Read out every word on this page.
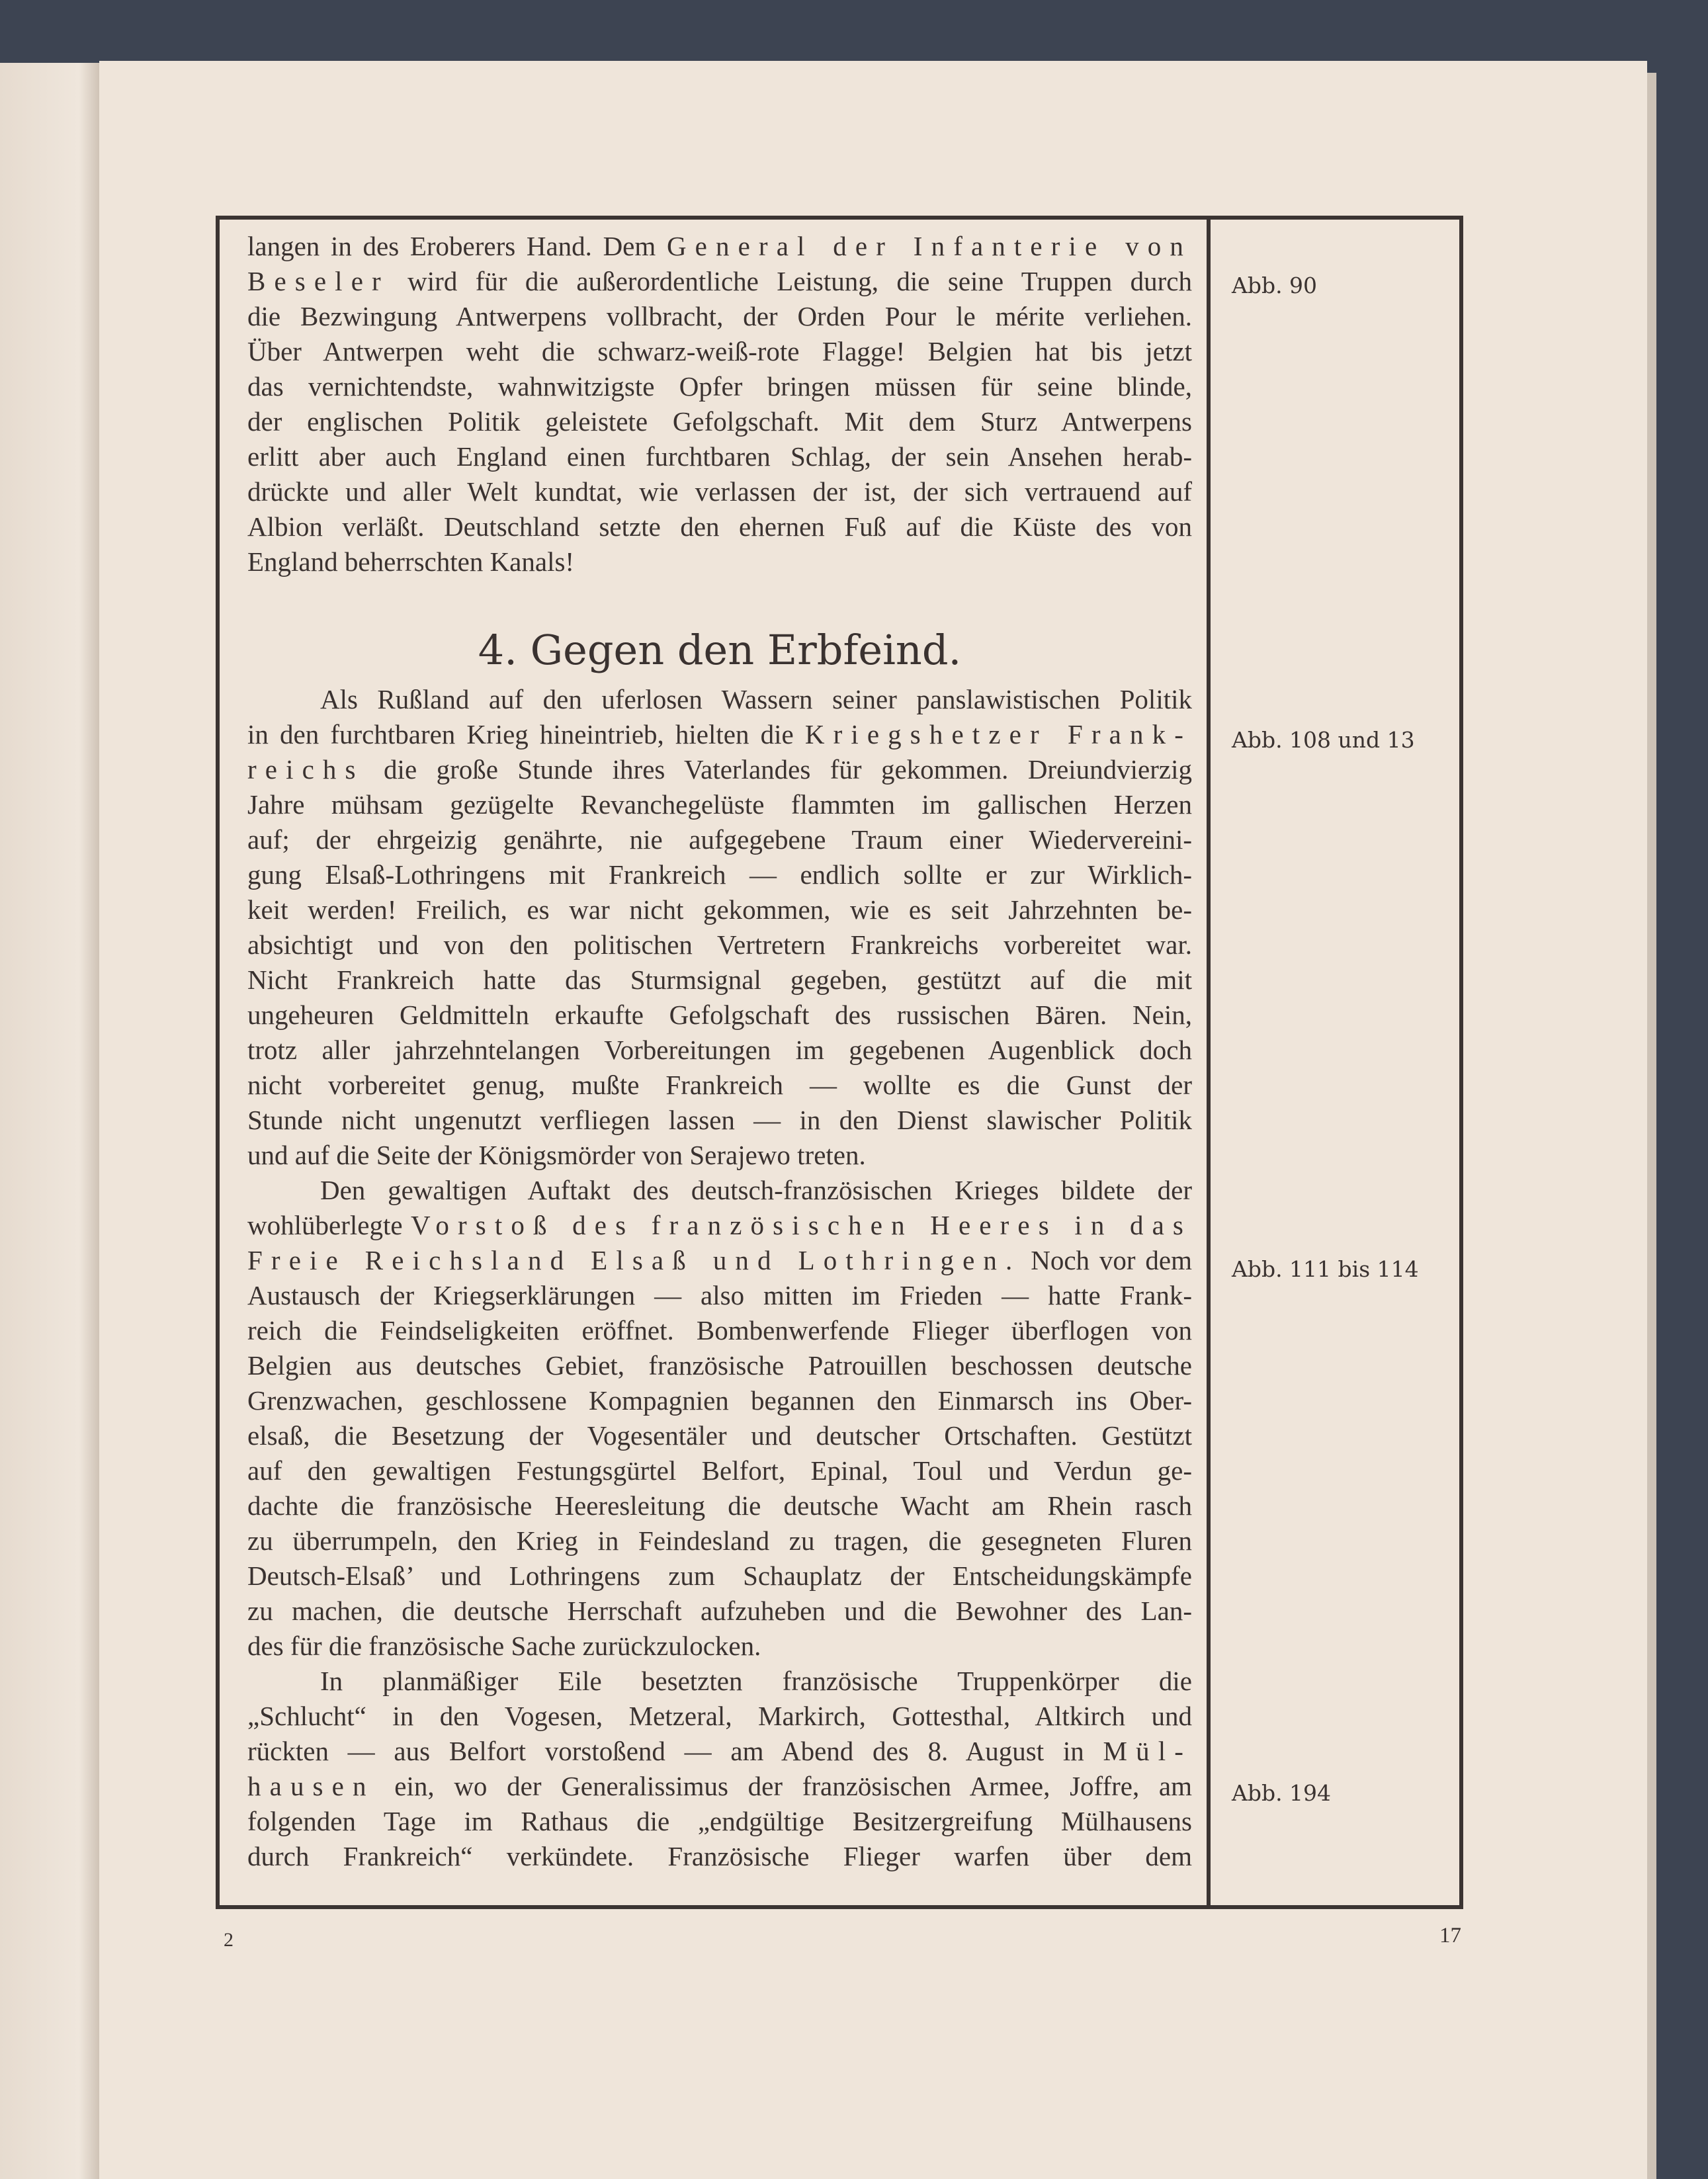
langen in des Eroberers Hand. Dem General der Infanterie von
Beseler wird für die außerordentliche Leistung, die seine Truppen durch
die Bezwingung Antwerpens vollbracht, der Orden Pour le mérite verliehen.
Über Antwerpen weht die schwarz-weiß-rote Flagge! Belgien hat bis jetzt
das vernichtendste, wahnwitzigste Opfer bringen müssen für seine blinde,
der englischen Politik geleistete Gefolgschaft. Mit dem Sturz Antwerpens
erlitt aber auch England einen furchtbaren Schlag, der sein Ansehen herab-
drückte und aller Welt kundtat, wie verlassen der ist, der sich vertrauend auf
Albion verläßt. Deutschland setzte den ehernen Fuß auf die Küste des von
England beherrschten Kanals!
4. Gegen den Erbfeind.
Als Rußland auf den uferlosen Wassern seiner panslawistischen Politik
in den furchtbaren Krieg hineintrieb, hielten die Kriegshetzer Frank-
reichs die große Stunde ihres Vaterlandes für gekommen. Dreiundvierzig
Jahre mühsam gezügelte Revanchegelüste flammten im gallischen Herzen
auf; der ehrgeizig genährte, nie aufgegebene Traum einer Wiedervereini-
gung Elsaß-Lothringens mit Frankreich — endlich sollte er zur Wirklich-
keit werden! Freilich, es war nicht gekommen, wie es seit Jahrzehnten be-
absichtigt und von den politischen Vertretern Frankreichs vorbereitet war.
Nicht Frankreich hatte das Sturmsignal gegeben, gestützt auf die mit
ungeheuren Geldmitteln erkaufte Gefolgschaft des russischen Bären. Nein,
trotz aller jahrzehntelangen Vorbereitungen im gegebenen Augenblick doch
nicht vorbereitet genug, mußte Frankreich — wollte es die Gunst der
Stunde nicht ungenutzt verfliegen lassen — in den Dienst slawischer Politik
und auf die Seite der Königsmörder von Serajewo treten.
Den gewaltigen Auftakt des deutsch-französischen Krieges bildete der
wohlüberlegte Vorstoß des französischen Heeres in das
Freie Reichsland Elsaß und Lothringen. Noch vor dem
Austausch der Kriegserklärungen — also mitten im Frieden — hatte Frank-
reich die Feindseligkeiten eröffnet. Bombenwerfende Flieger überflogen von
Belgien aus deutsches Gebiet, französische Patrouillen beschossen deutsche
Grenzwachen, geschlossene Kompagnien begannen den Einmarsch ins Ober-
elsaß, die Besetzung der Vogesentäler und deutscher Ortschaften. Gestützt
auf den gewaltigen Festungsgürtel Belfort, Epinal, Toul und Verdun ge-
dachte die französische Heeresleitung die deutsche Wacht am Rhein rasch
zu überrumpeln, den Krieg in Feindesland zu tragen, die gesegneten Fluren
Deutsch-Elsaß’ und Lothringens zum Schauplatz der Entscheidungskämpfe
zu machen, die deutsche Herrschaft aufzuheben und die Bewohner des Lan-
des für die französische Sache zurückzulocken.
In planmäßiger Eile besetzten französische Truppenkörper die
„Schlucht“ in den Vogesen, Metzeral, Markirch, Gottesthal, Altkirch und
rückten — aus Belfort vorstoßend — am Abend des 8. August in Mül-
hausen ein, wo der Generalissimus der französischen Armee, Joffre, am
folgenden Tage im Rathaus die „endgültige Besitzergreifung Mülhausens
durch Frankreich“ verkündete. Französische Flieger warfen über dem
Abb. 90
Abb. 108 und 13
Abb. 111 bis 114
Abb. 194
2	17
